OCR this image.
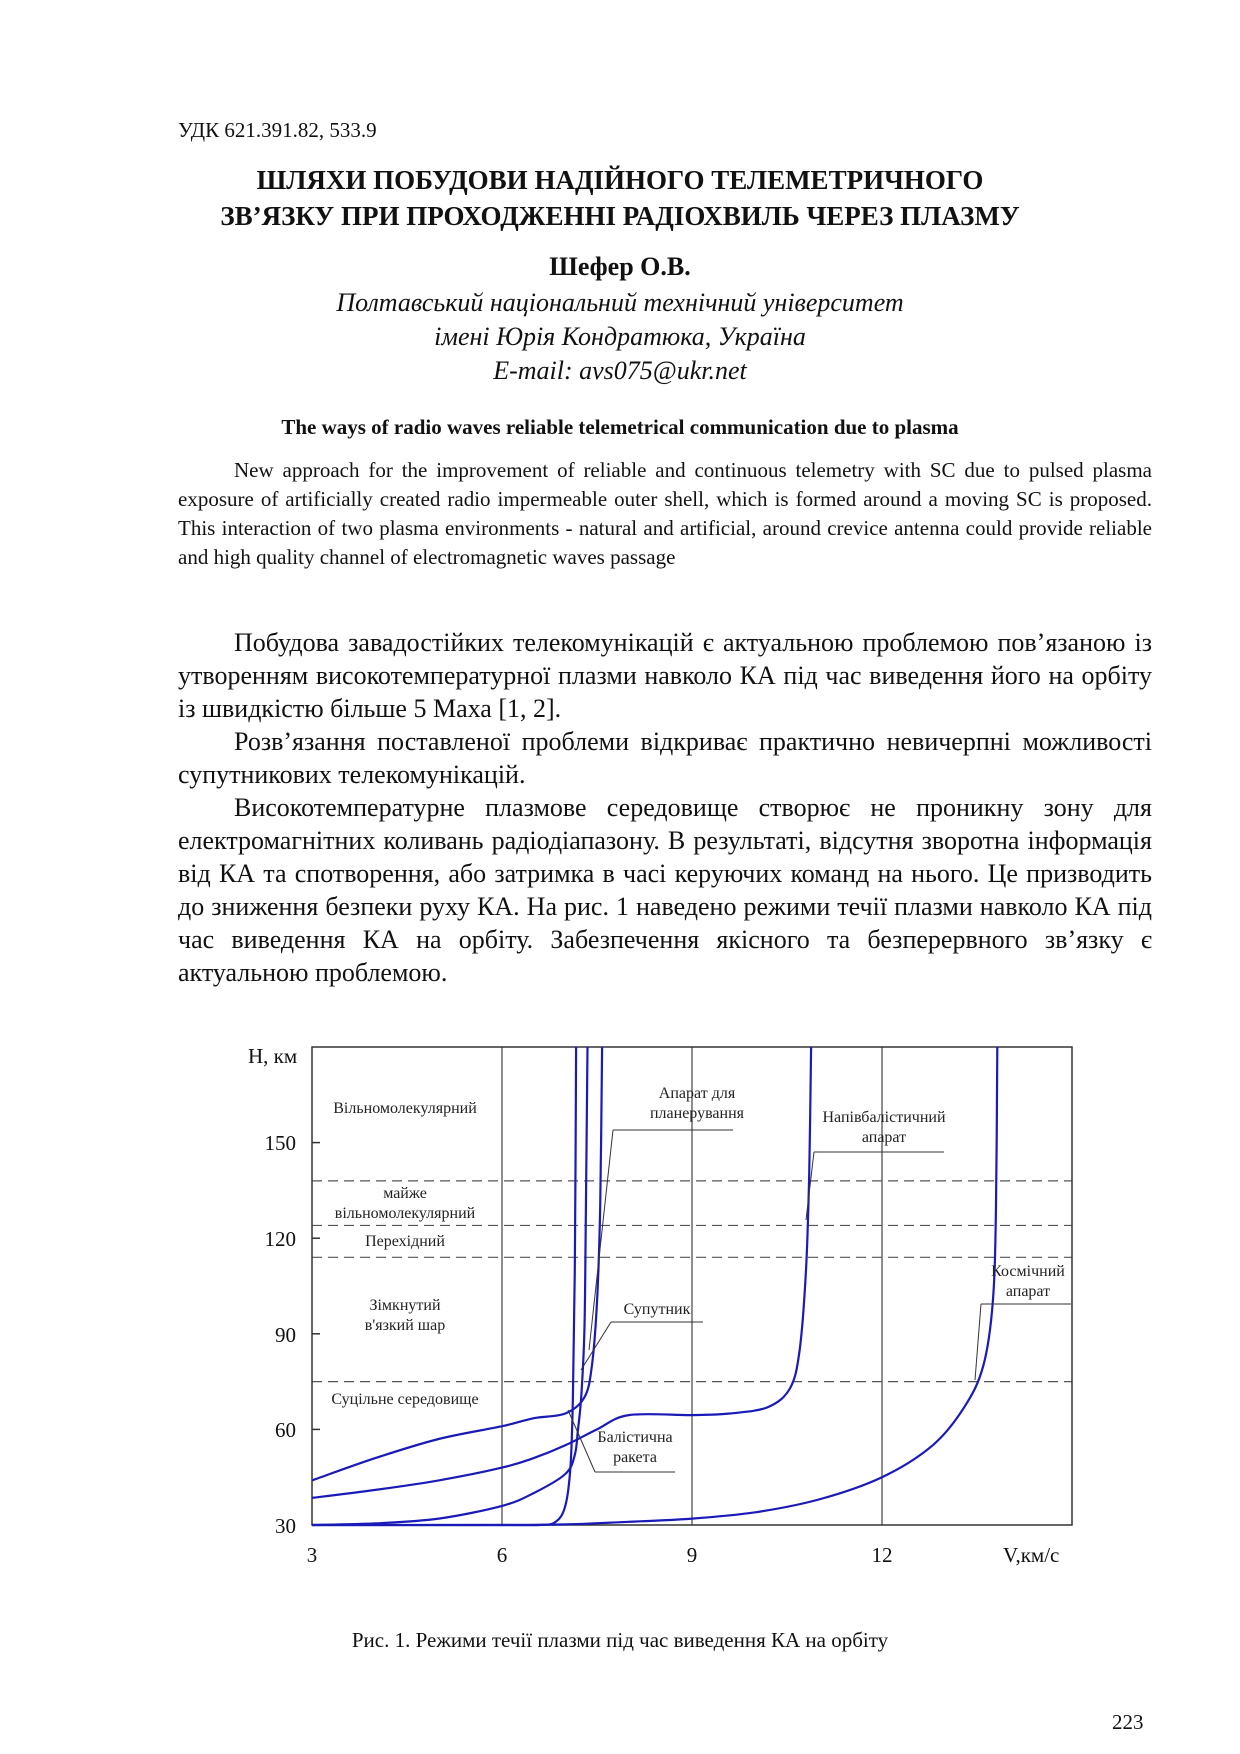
УДК 621.391.82, 533.9
ШЛЯХИ ПОБУДОВИ НАДІЙНОГО ТЕЛЕМЕТРИЧНОГО
ЗВ’ЯЗКУ ПРИ ПРОХОДЖЕННІ РАДІОХВИЛЬ ЧЕРЕЗ ПЛАЗМУ
Шефер О.В.
Полтавський національний технічний університет
імені Юрія Кондратюка, Україна
E-mail: avs075@ukr.net
The ways of radio waves reliable telemetrical communication due to plasma

New approach for the improvement of reliable and continuous telemetry with SC due to pulsed plasma exposure of artificially created radio impermeable outer shell, which is formed around a moving SC is proposed. This interaction of two plasma environments - natural and artificial, around crevice antenna could provide reliable and high quality channel of electromagnetic waves passage

Побудова завадостійких телекомунікацій є актуальною проблемою пов’язаною із утворенням високотемпературної плазми навколо КА під час виведення його на орбіту із швидкістю більше 5 Маха [1, 2].

Розв’язання поставленої проблеми відкриває практично невичерпні можливості супутникових телекомунікацій.

Високотемпературне плазмове середовище створює не проникну зону для електромагнітних коливань радіодіапазону. В результаті, відсутня зворотна інформація від КА та спотворення, або затримка в часі керуючих команд на нього. Це призводить до зниження безпеки руху КА. На рис. 1 наведено режими течії плазми навколо КА під час виведення КА на орбіту. Забезпечення якісного та безперервного зв’язку є актуальною проблемою.

H, км
V,км/с
30
60
90
120
150
3	6	9	12
Вільномолекулярний
майже
вільномолекулярний
Перехідний
Зімкнутий
в'язкий шар
Суцільне середовище
Апарат для
планерування	Напівбалістичний
апарат
Супутник
Балістична
ракета
Космічний
апарат
Рис. 1. Режими течії плазми під час виведення КА на орбіту
223
